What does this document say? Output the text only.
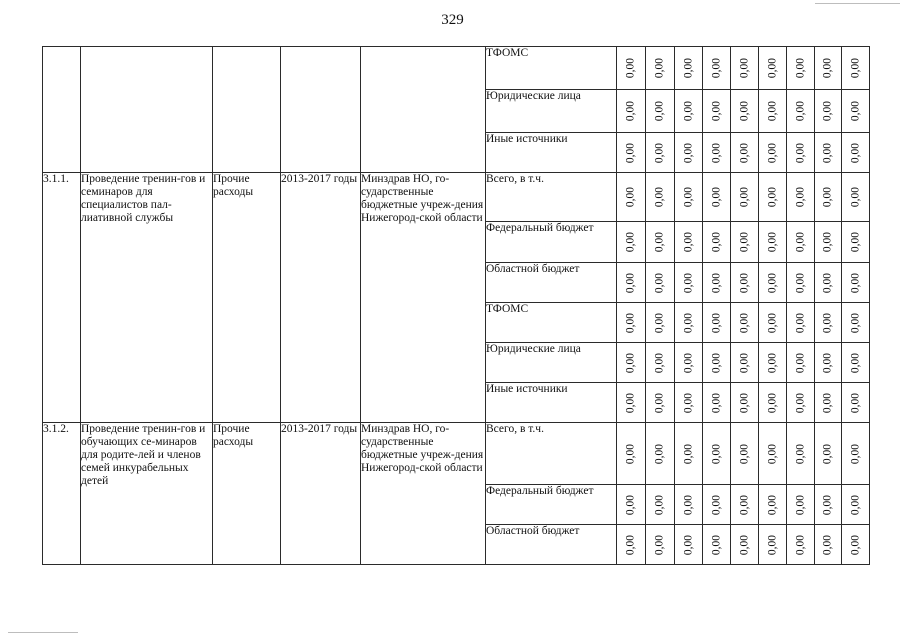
329
					ТФОМС	0,00	0,00	0,00	0,00	0,00	0,00	0,00	0,00	0,00

					Юридические лица	0,00	0,00	0,00	0,00	0,00	0,00	0,00	0,00	0,00

					Иные источники	0,00	0,00	0,00	0,00	0,00	0,00	0,00	0,00	0,00

3.1.1.	Проведение тренин-гов и семинаров для специалистов пал-лиативной службы	Прочие расходы	2013-2017 годы	Минздрав НО, го-сударственные бюджетные учреж-дения Нижегород-ской области	Всего, в т.ч.	0,00	0,00	0,00	0,00	0,00	0,00	0,00	0,00	0,00

					Федеральный бюджет	0,00	0,00	0,00	0,00	0,00	0,00	0,00	0,00	0,00

					Областной бюджет	0,00	0,00	0,00	0,00	0,00	0,00	0,00	0,00	0,00

					ТФОМС	0,00	0,00	0,00	0,00	0,00	0,00	0,00	0,00	0,00

					Юридические лица	0,00	0,00	0,00	0,00	0,00	0,00	0,00	0,00	0,00

					Иные источники	0,00	0,00	0,00	0,00	0,00	0,00	0,00	0,00	0,00

3.1.2.	Проведение тренин-гов и обучающих се-минаров для родите-лей и членов семей инкурабельных детей	Прочие расходы	2013-2017 годы	Минздрав НО, го-сударственные бюджетные учреж-дения Нижегород-ской области	Всего, в т.ч.	0,00	0,00	0,00	0,00	0,00	0,00	0,00	0,00	0,00

					Федеральный бюджет	0,00	0,00	0,00	0,00	0,00	0,00	0,00	0,00	0,00

					Областной бюджет	0,00	0,00	0,00	0,00	0,00	0,00	0,00	0,00	0,00
